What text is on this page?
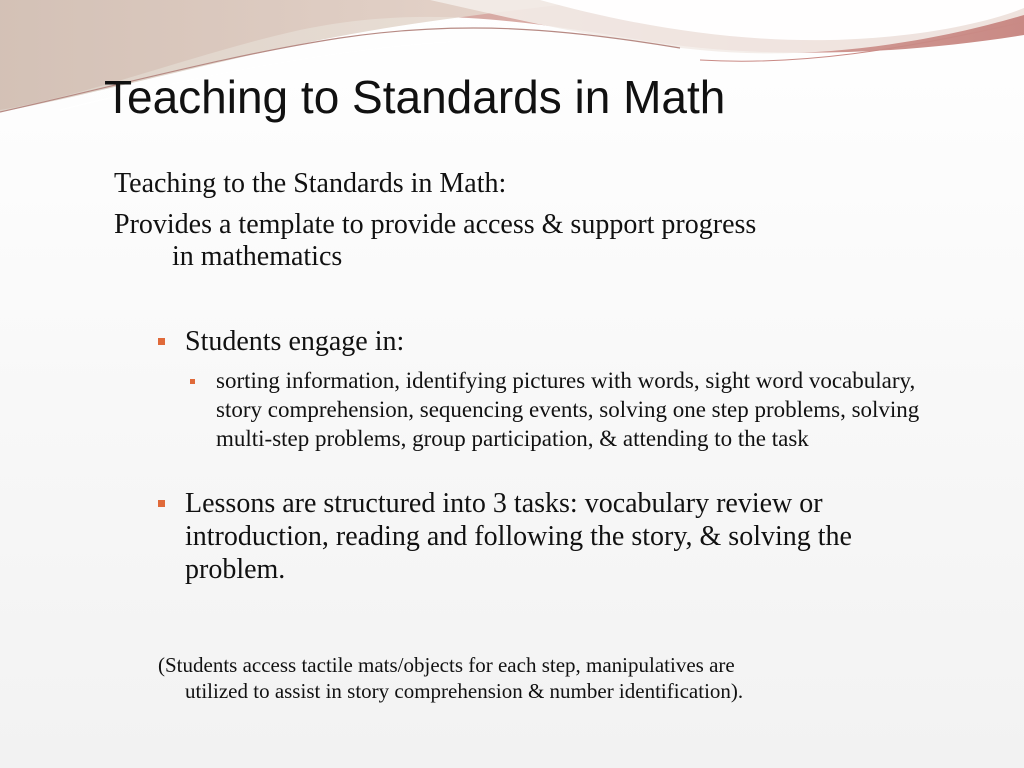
Teaching to Standards in Math
Teaching to the Standards in Math:
Provides a template to provide access & support progress
in mathematics
Students engage in:
sorting information, identifying pictures with words, sight word vocabulary, story comprehension, sequencing events, solving one step problems, solving multi-step problems, group participation, & attending to the task
Lessons are structured into 3 tasks: vocabulary review or introduction, reading and following the story, & solving the problem.
(Students access tactile mats/objects for each step, manipulatives are
utilized to assist in story comprehension & number identification).
